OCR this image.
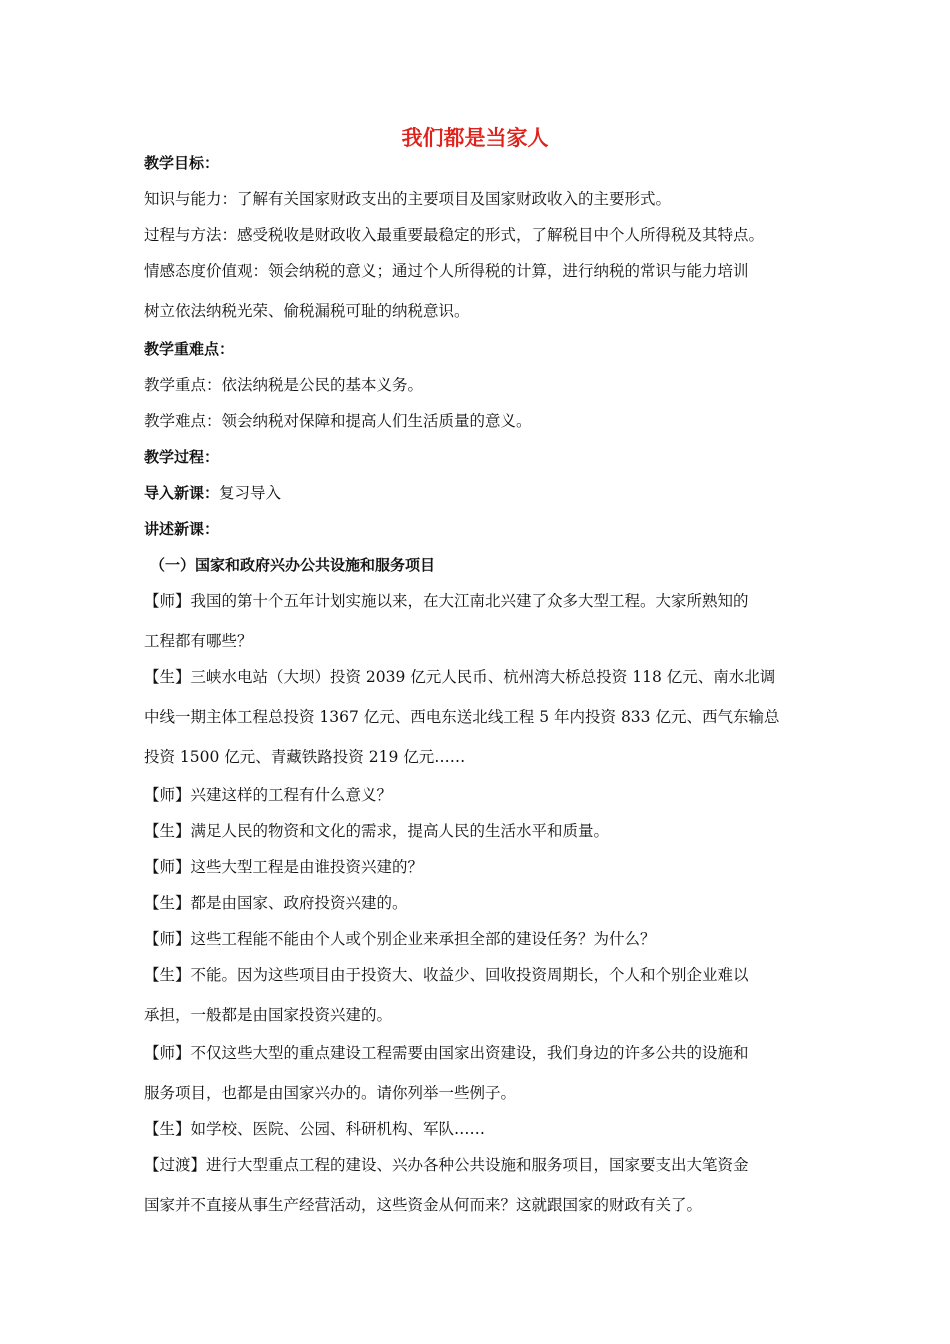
我们都是当家人
教学目标：
知识与能力：了解有关国家财政支出的主要项目及国家财政收入的主要形式。
过程与方法：感受税收是财政收入最重要最稳定的形式，了解税目中个人所得税及其特点。
情感态度价值观：领会纳税的意义；通过个人所得税的计算，进行纳税的常识与能力培训
树立依法纳税光荣、偷税漏税可耻的纳税意识。
教学重难点：
教学重点：依法纳税是公民的基本义务。
教学难点：领会纳税对保障和提高人们生活质量的意义。
教学过程：
导入新课：复习导入
讲述新课：
（一）国家和政府兴办公共设施和服务项目
【师】我国的第十个五年计划实施以来，在大江南北兴建了众多大型工程。大家所熟知的
工程都有哪些？
【生】三峡水电站（大坝）投资 2039 亿元人民币、杭州湾大桥总投资 118 亿元、南水北调
中线一期主体工程总投资 1367 亿元、西电东送北线工程 5 年内投资 833 亿元、西气东输总
投资 1500 亿元、青藏铁路投资 219 亿元……
【师】兴建这样的工程有什么意义？
【生】满足人民的物资和文化的需求，提高人民的生活水平和质量。
【师】这些大型工程是由谁投资兴建的？
【生】都是由国家、政府投资兴建的。
【师】这些工程能不能由个人或个别企业来承担全部的建设任务？为什么？
【生】不能。因为这些项目由于投资大、收益少、回收投资周期长，个人和个别企业难以
承担，一般都是由国家投资兴建的。
【师】不仅这些大型的重点建设工程需要由国家出资建设，我们身边的许多公共的设施和
服务项目，也都是由国家兴办的。请你列举一些例子。
【生】如学校、医院、公园、科研机构、军队……
【过渡】进行大型重点工程的建设、兴办各种公共设施和服务项目，国家要支出大笔资金
国家并不直接从事生产经营活动，这些资金从何而来？这就跟国家的财政有关了。
